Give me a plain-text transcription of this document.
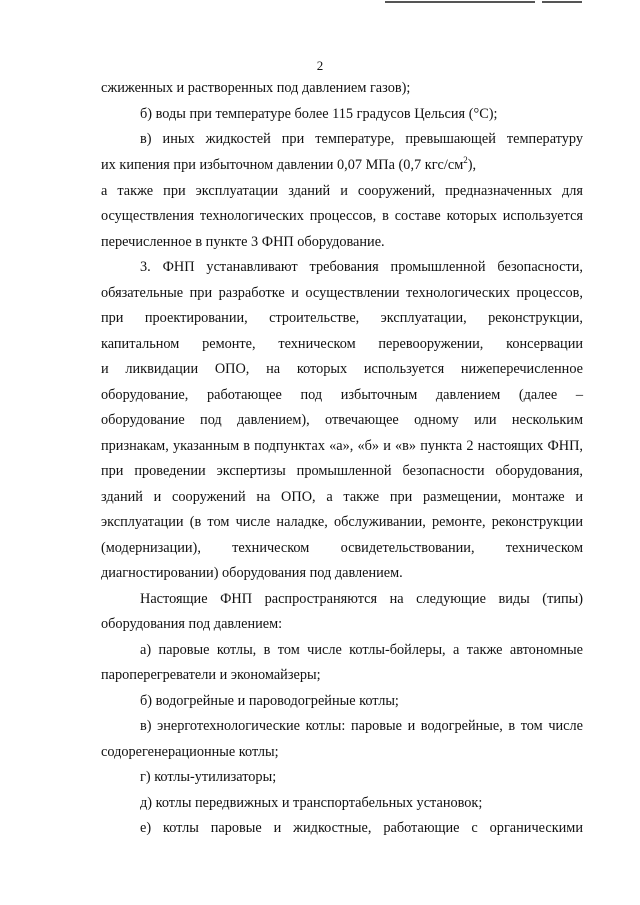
2
сжиженных и растворенных под давлением газов);
б) воды при температуре более 115 градусов Цельсия (°С);
в) иных жидкостей при температуре, превышающей температуру
их кипения при избыточном давлении 0,07 МПа (0,7 кгс/$см^2$),
а также при эксплуатации зданий и сооружений, предназначенных для
осуществления технологических процессов, в составе которых используется
перечисленное в пункте 3 ФНП оборудование.
3. ФНП устанавливают требования промышленной безопасности,
обязательные при разработке и осуществлении технологических процессов,
при проектировании, строительстве, эксплуатации, реконструкции,
капитальном ремонте, техническом перевооружении, консервации
и ликвидации ОПО, на которых используется нижеперечисленное
оборудование, работающее под избыточным давлением (далее –
оборудование под давлением), отвечающее одному или нескольким
признакам, указанным в подпунктах «а», «б» и «в» пункта 2 настоящих ФНП,
при проведении экспертизы промышленной безопасности оборудования,
зданий и сооружений на ОПО, а также при размещении, монтаже и
эксплуатации (в том числе наладке, обслуживании, ремонте, реконструкции
(модернизации), техническом освидетельствовании, техническом
диагностировании) оборудования под давлением.
Настоящие ФНП распространяются на следующие виды (типы)
оборудования под давлением:
а) паровые котлы, в том числе котлы-бойлеры, а также автономные
пароперегреватели и экономайзеры;
б) водогрейные и пароводогрейные котлы;
в) энерготехнологические котлы: паровые и водогрейные, в том числе
содорегенерационные котлы;
г) котлы-утилизаторы;
д) котлы передвижных и транспортабельных установок;
е) котлы паровые и жидкостные, работающие с органическими
